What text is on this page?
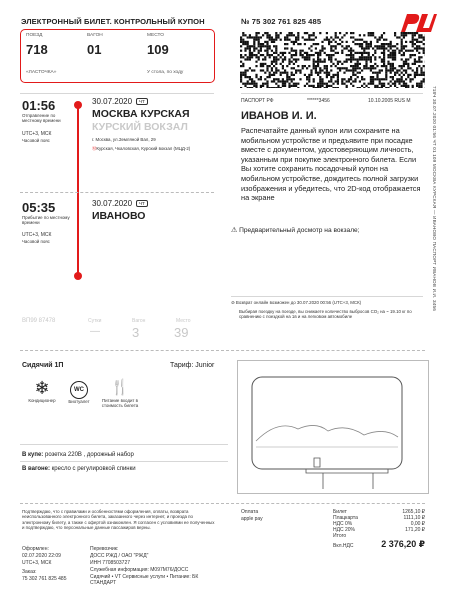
ЭЛЕКТРОННЫЙ БИЛЕТ. КОНТРОЛЬНЫЙ КУПОН	№ 75 302 761 825 485
ПОЕЗД
718
«ЛАСТОЧКА»
ВАГОН
01
МЕСТО
109
У стола, по ходу
01:56
Отправление по местному времени
UTC+3, МСК
Часовой пояс
30.07.2020	ЧТ
МОСКВА КУРСКАЯ
КУРСКИЙ ВОКЗАЛ
г. Москва, ул.Земляной Вал, 29
ⓂКурская, Чкаловская, Курский вокзал (МЦД-2)
05:35
Прибытие по местному времени
UTC+3, МСК
Часовой пояс
30.07.2020	ЧТ
ИВАНОВО
ПАСПОРТ РФ	******3456	10.10.2005 RUS М
ИВАНОВ И. И.
Распечатайте данный купон или сохраните на мобильном устройстве и предъявите при посадке вместе с документом, удостоверяющим личность, указанным при покупке электронного билета. Если Вы хотите сохранить посадочный купон на мобильном устройстве, дождитесь полной загрузки изображения и убедитесь, что 2D-код отображается на экране
⚠ Предварительный досмотр на вокзале;
⊘ Возврат онлайн возможен до 30.07.2020 00:56 (UTC+3, МСК)
Выбирая поездку на поезде, вы снижаете количество выбросов CO₂ на ~ 19.10 кг по сравнению с поездкой на 1в и на легковом автомобиле
718Ч 30.07.2020 01:56 ЧТ 01 109 МОСКВА КУРСКАЯ — ИВАНОВО ПАСПОРТ ИВАНОВ И.И. 3456
ВП99 87478	Сутки
—
Вагон
3
Место
39
Сидячий 1П	Тариф: Junior
❄
Кондиционер
WC
Биотуалет
🍴
Питание входит в стоимость билета
В купе: розетка 220В , дорожный набор
В вагоне: кресло с регулировкой спинки
Подтверждаю, что с правилами и особенностями оформления, оплаты, возврата неиспользованного электронного билета, заказанного через интернет, и проезда по электронному билету, а также с офертой ознакомлен. Я согласен с условиями ее полученных и подтверждаю, что персональные данные пассажиров верны.
Оформлен:
02.07.2020 22:09
UTC+3, МСК
Заказ:
75 302 761 825 485
Перевозчик:
ДОСС РЖД / ОАО "РЖД"
ИНН 7708503727
Служебная информация: М097М76/ДОСС
Сидячий • VT Сервисные услуги • Питание: БК СТАНДАРТ
Оплата
apple pay
Билет	1265,10 ₽
Плацкарта	1111,10 ₽
НДС 0%	0,00 ₽
НДС 20%	171,20 ₽
Итого
Вкл.НДС	2 376,20 ₽
